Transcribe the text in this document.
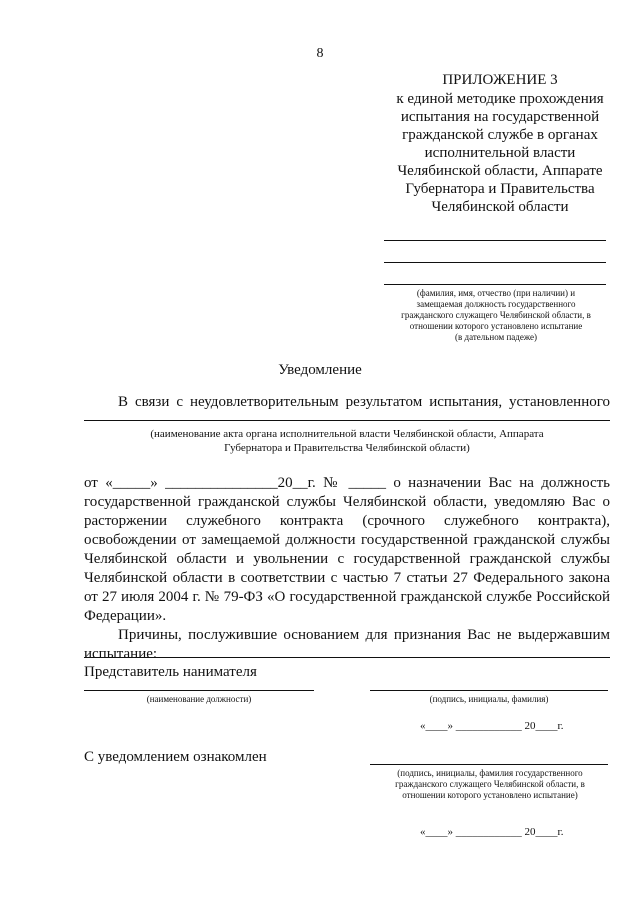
8
ПРИЛОЖЕНИЕ 3
к единой методике прохождения
испытания на государственной
гражданской службе в органах
исполнительной власти
Челябинской области, Аппарате
Губернатора и Правительства
Челябинской области
(фамилия, имя, отчество (при наличии) и
замещаемая должность государственного
гражданского служащего Челябинской области, в
отношении которого установлено испытание
(в дательном падеже)
Уведомление
В связи с неудовлетворительным результатом испытания, установленного
(наименование акта органа исполнительной власти Челябинской области, Аппарата
Губернатора и Правительства Челябинской области)
от «_____» _______________20__г. № _____ о назначении Вас на должность
государственной гражданской службы Челябинской области, уведомляю Вас о расторжении служебного контракта (срочного служебного контракта), освобождении от замещаемой должности государственной гражданской службы Челябинской области и увольнении с государственной гражданской службы Челябинской области в соответствии с частью 7 статьи 27 Федерального закона от 27 июля 2004 г. № 79-ФЗ «О государственной гражданской службе Российской Федерации».
Причины, послужившие основанием для признания Вас не выдержавшим
испытание:
Представитель нанимателя
(наименование должности)	(подпись, инициалы, фамилия)
«____» ____________ 20____г.
С уведомлением ознакомлен
(подпись, инициалы, фамилия государственного
гражданского служащего Челябинской области, в
отношении которого установлено испытание)
«____» ____________ 20____г.
